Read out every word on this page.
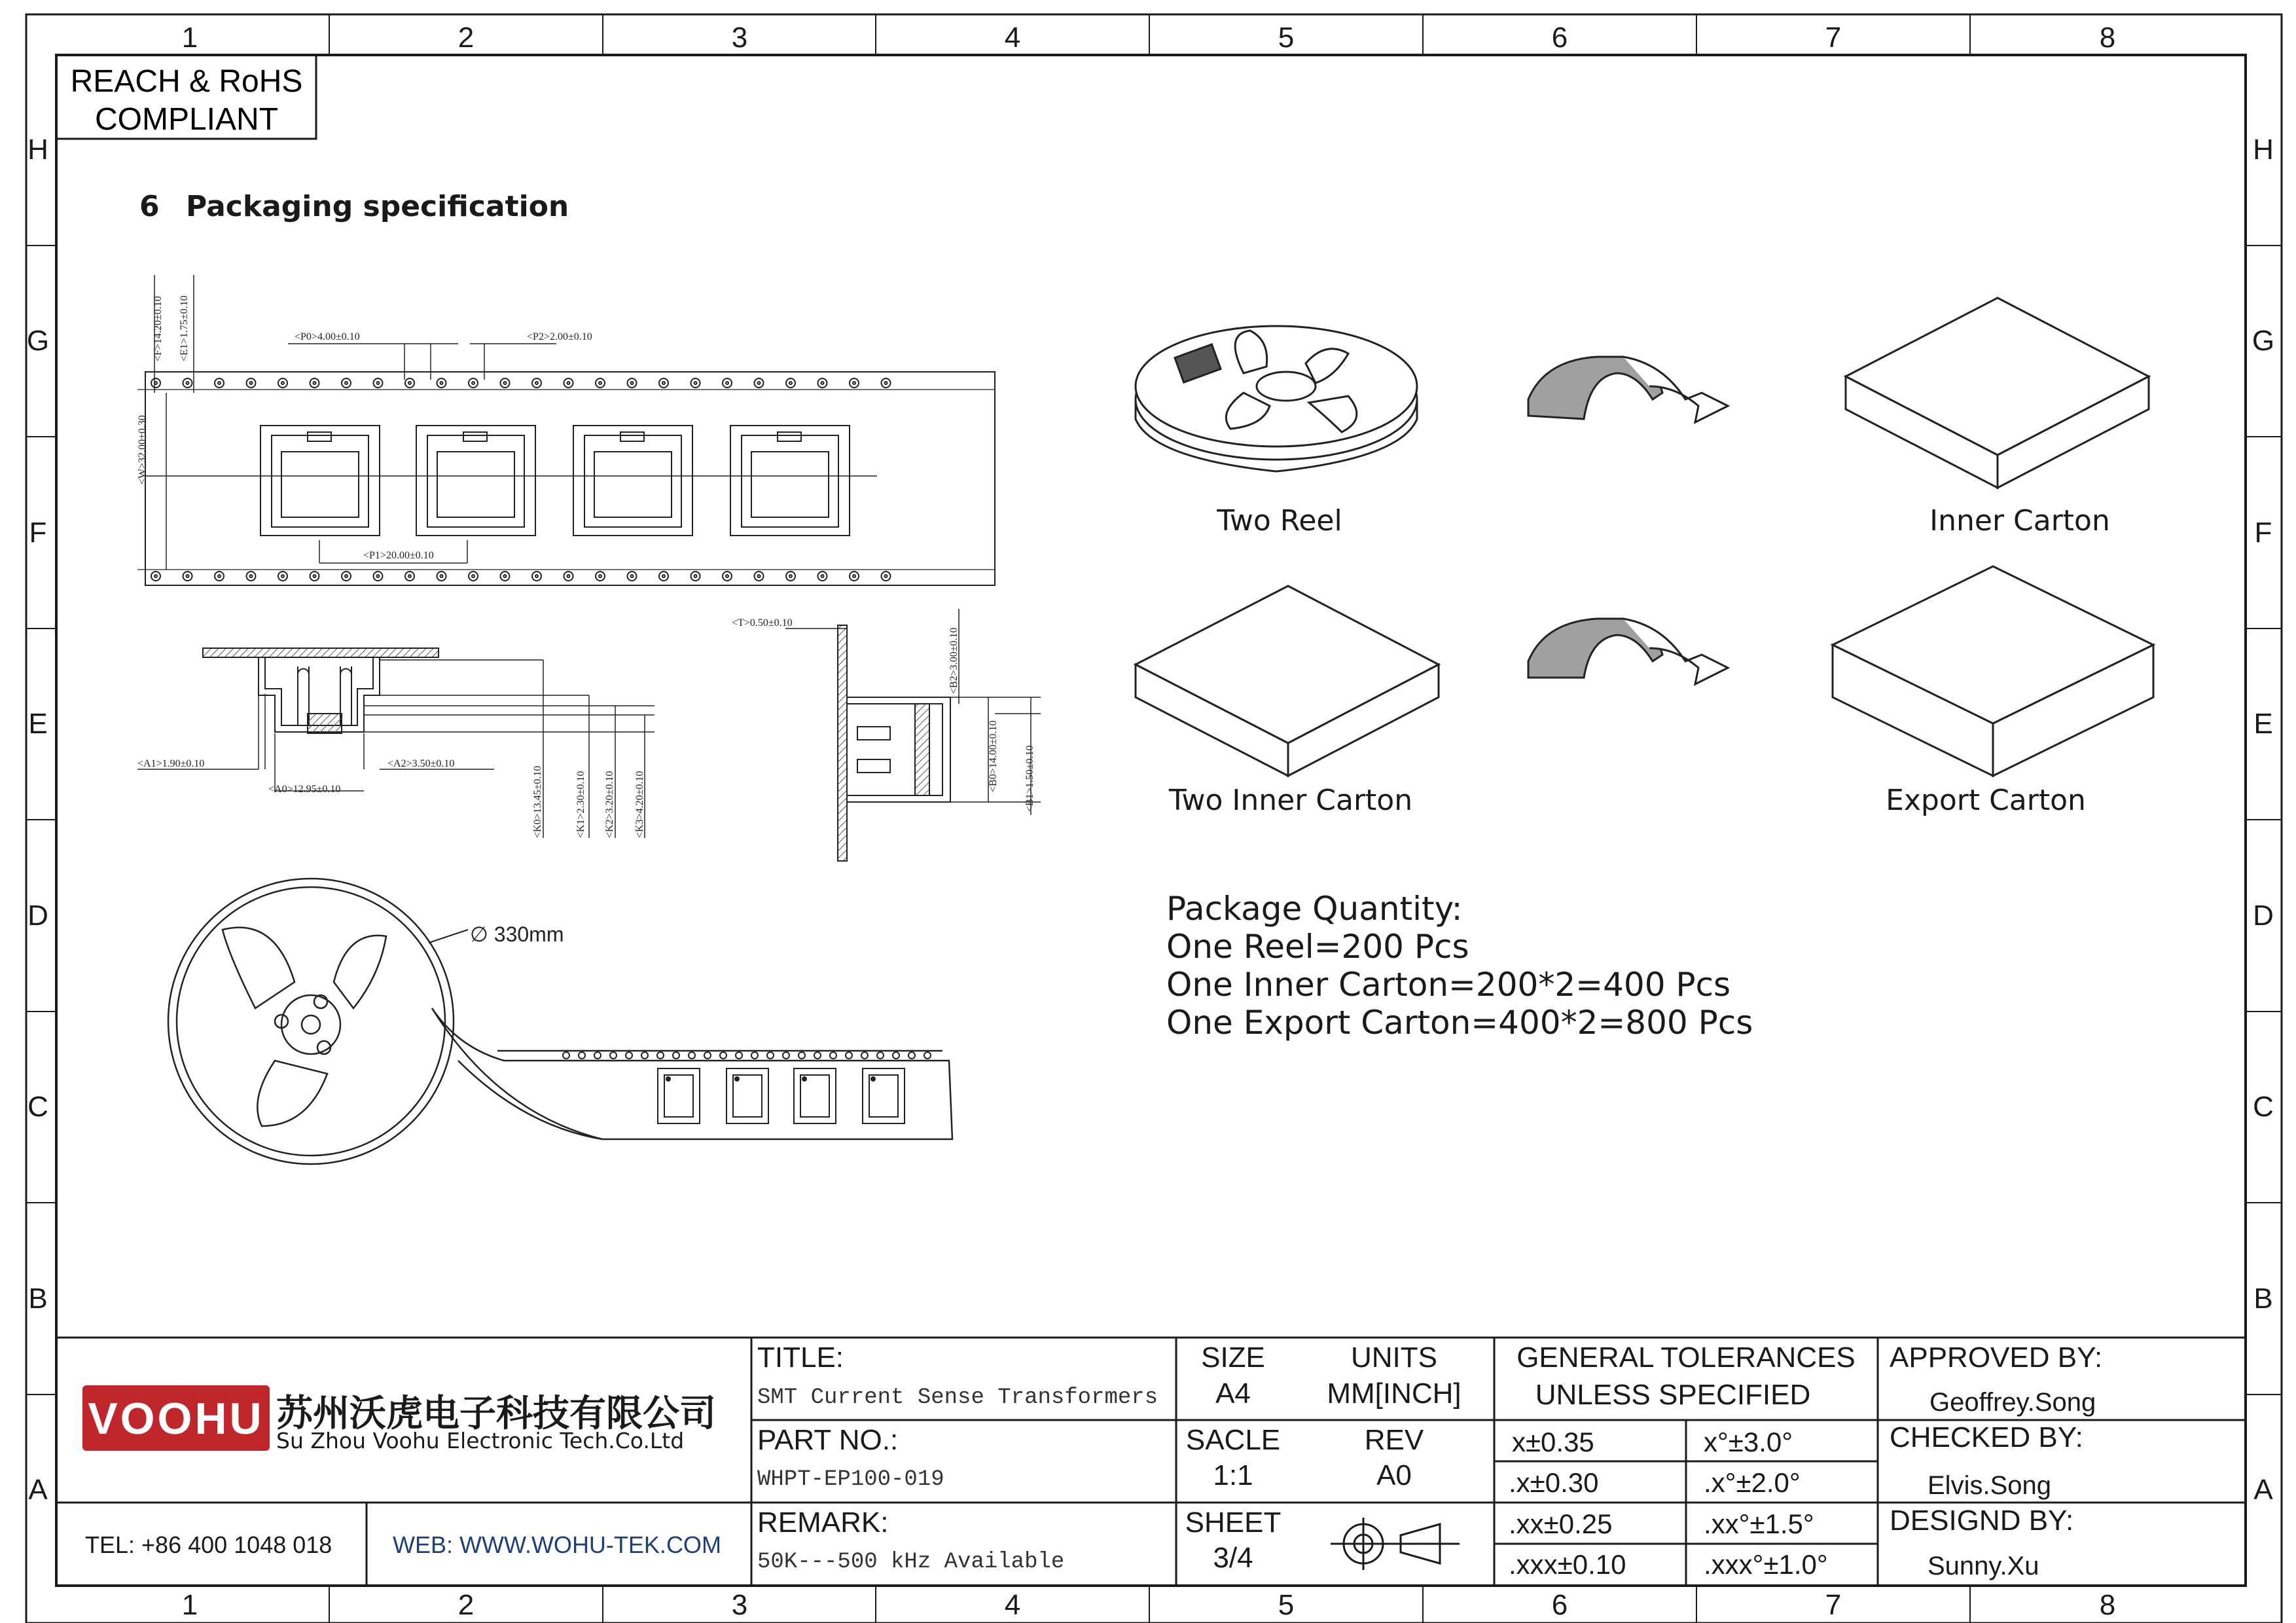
1	2	3	4	5	6	7	8
1	2	3	4	5	6	7	8
H
G
F
E
D
C
B
A
H
G
F
E
D
C
B
A
REACH & RoHS
COMPLIANT
6 Packaging specification
<F>14.20±0.10 <E1>1.75±0.10	<P0>4.00±0.10	<P2>2.00±0.10
<W>32.00±0.30
<P1>20.00±0.10
<A1>1.90±0.10	<A2>3.50±0.10
<A0>12.95±0.10	<K0>13.45±0.10	<K1>2.30±0.10 <K2>3.20±0.10 <K3>4.20±0.10
<T>0.50±0.10
<B2>3.00±0.10
<B0>14.00±0.10 <B1>1.50±0.10
∅ 330mm
Two Reel	Inner Carton
Two Inner Carton	Export Carton
Package Quantity:
One Reel=200 Pcs
One Inner Carton=200*2=400 Pcs
One Export Carton=400*2=800 Pcs
VOOHU 苏州沃虎电子科技有限公司
Su Zhou Voohu Electronic Tech.Co.Ltd
TEL: +86 400 1048 018	WEB: WWW.WOHU-TEK.COM
TITLE:
SMT Current Sense Transformers
PART NO.:
WHPT-EP100-019
REMARK:
50K---500 kHz Available
SIZE
A4
UNITS
MM[INCH]
SACLE
1:1
REV
A0
SHEET
3/4
GENERAL TOLERANCES
UNLESS SPECIFIED
x±0.35	x°±3.0°
.x±0.30	.x°±2.0°
.xx±0.25	.xx°±1.5°
.xxx±0.10	.xxx°±1.0°
APPROVED BY:
Geoffrey.Song
CHECKED BY:
Elvis.Song
DESIGND BY:
Sunny.Xu
